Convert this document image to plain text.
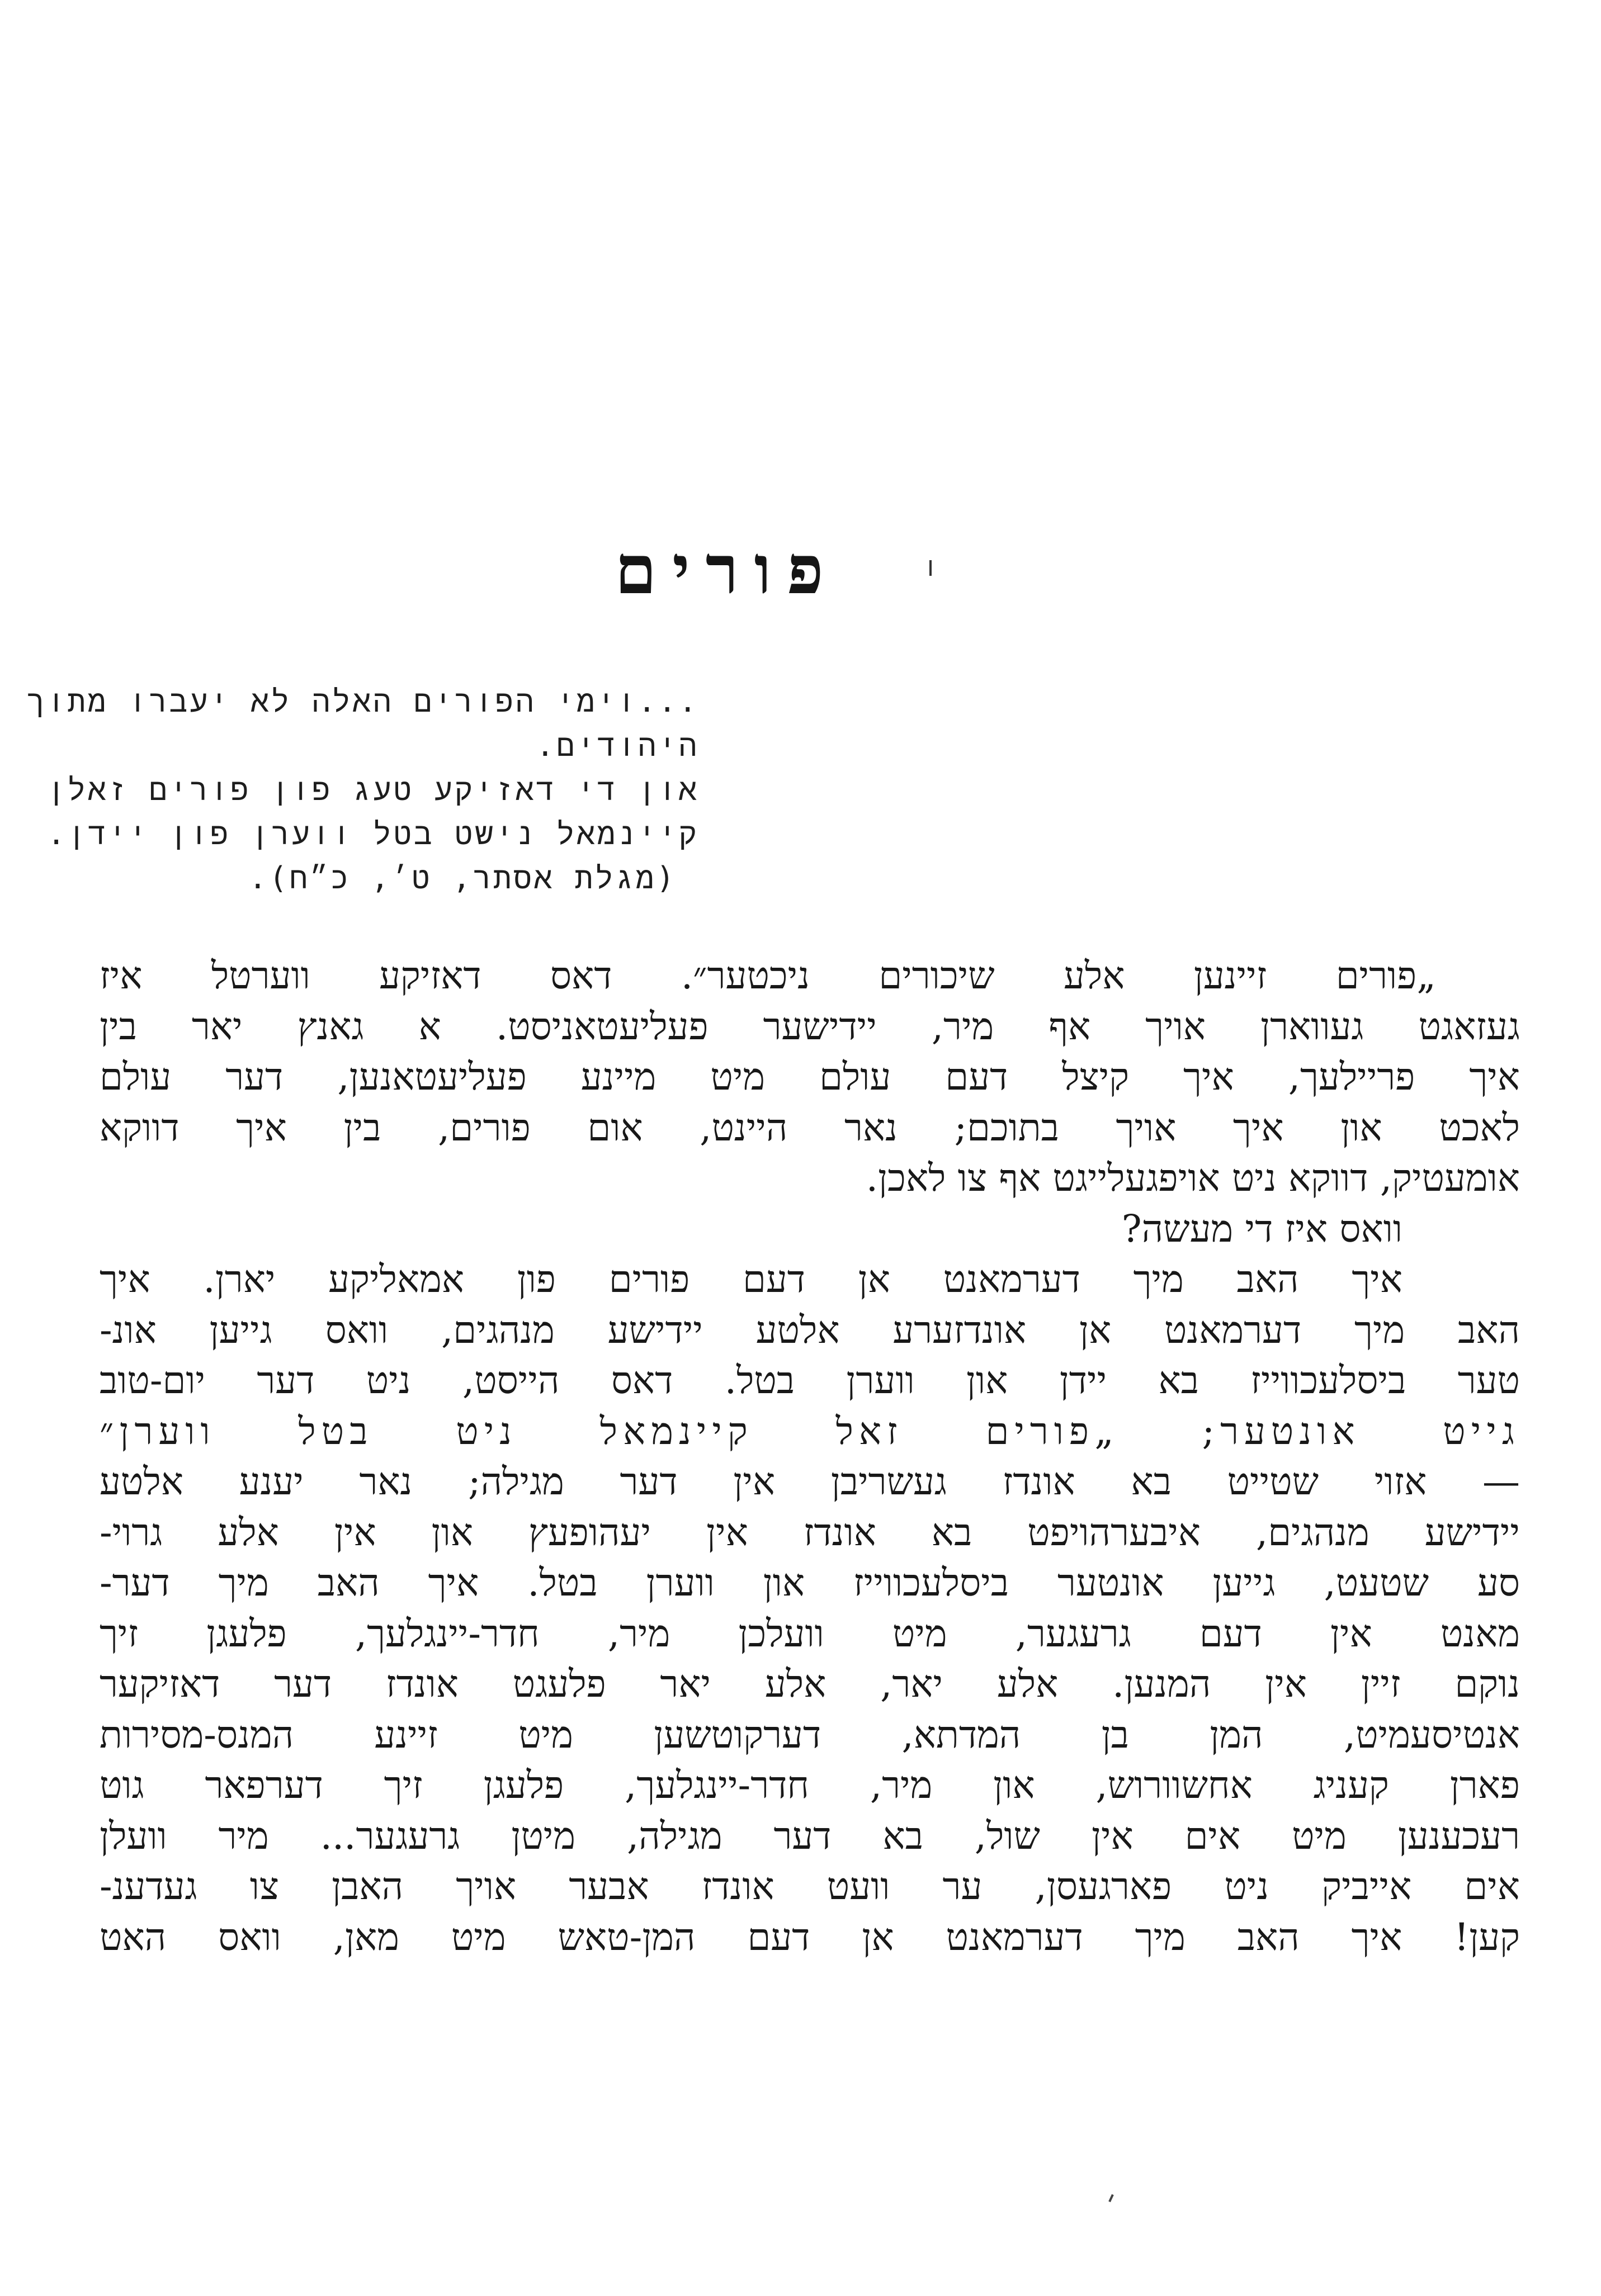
פורים
...וימי הפורים האלה לא יעברו מתוך
היהודים.
און די דאזיקע טעג פון פורים זאלן
קיינמאל נישט בטל ווערן פון יידן.
(מגלת אסתר, ט׳, כ״ח).
„פורים זיינען אלע שיכורים ניכטער״. דאס דאזיקע ווערטל איז
געזאגט געווארן אויך אף מיר, יידישער פעליעטאניסט. א גאנץ יאר בין
איך פריילעך, איך קיצל דעם עולם מיט מיינע פעליעטאנען, דער עולם
לאכט און איך אויך בתוכם; נאר היינט, אום פורים, בין איך דווקא
אומעטיק, דווקא ניט אויפגעלייגט אף צו לאכן.
וואס איז די מעשה?
איך האב מיך דערמאנט אן דעם פורים פון אמאליקע יארן. איך
האב מיך דערמאנט אן אונדזערע אלטע יידישע מנהגים, וואס גייען אונ-
טער ביסלעכווייז בא יידן און ווערן בטל. דאס הייסט, ניט דער יום-טוב
גייט אונטער; „פורים זאל קיינמאל ניט בטל ווערן״
— אזוי שטייט בא אונדז געשריבן אין דער מגילה; נאר יענע אלטע
יידישע מנהגים, איבערהויפט בא אונדז אין יעהופעץ און אין אלע גרוי-
סע שטעט, גייען אונטער ביסלעכווייז און ווערן בטל. איך האב מיך דער-
מאנט אין דעם גרעגער, מיט וועלכן מיר, חדר-יינגלעך, פלעגן זיך
נוקם זיין אין המנען. אלע יאר, אלע יאר פלעגט אונדז דער דאזיקער
אנטיסעמיט, המן בן המדתא, דערקוטשען מיט זיינע המנס-מסירות
פארן קעניג אחשוורוש, און מיר, חדר-יינגלעך, פלעגן זיך דערפאר גוט
רעכענען מיט אים אין שול, בא דער מגילה, מיטן גרעגער... מיר וועלן
אים אייביק ניט פארגעסן, ער וועט אונדז אבער אויך האבן צו געדענ-
קען! איך האב מיך דערמאנט אן דעם המן-טאש מיט מאן, וואס האט
